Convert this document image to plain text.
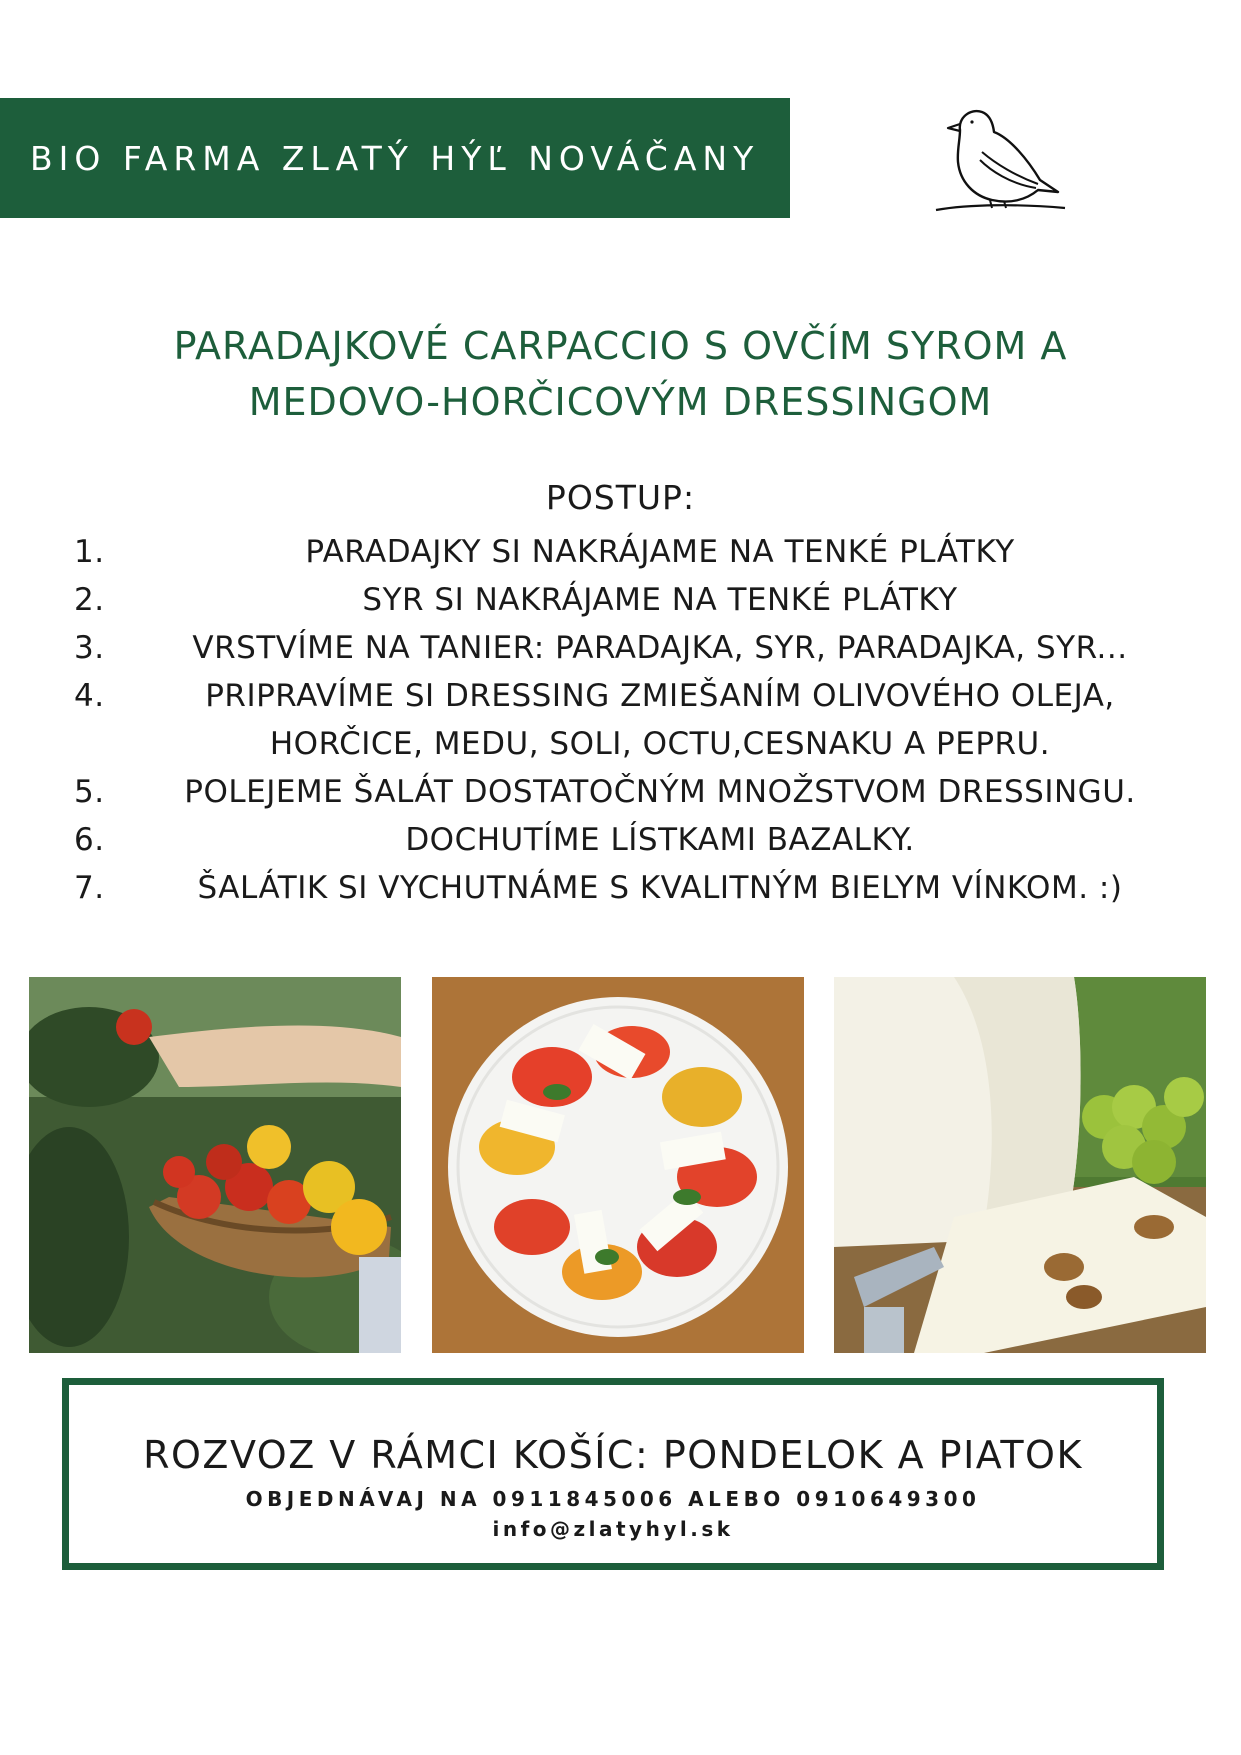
BIO FARMA ZLATÝ HÝĽ NOVÁČANY
PARADAJKOVÉ CARPACCIO S OVČÍM SYROM A
MEDOVO-HORČICOVÝM DRESSINGOM
POSTUP:
1.	PARADAJKY SI NAKRÁJAME NA TENKÉ PLÁTKY
2.	SYR SI NAKRÁJAME NA TENKÉ PLÁTKY
3.	VRSTVÍME NA TANIER: PARADAJKA, SYR, PARADAJKA, SYR...
4.	PRIPRAVÍME SI DRESSING ZMIEŠANÍM OLIVOVÉHO OLEJA,
HORČICE, MEDU, SOLI, OCTU,CESNAKU A PEPRU.
5.	POLEJEME ŠALÁT DOSTATOČNÝM MNOŽSTVOM DRESSINGU.
6.	DOCHUTÍME LÍSTKAMI BAZALKY.
7.	ŠALÁTIK SI VYCHUTNÁME S KVALITNÝM BIELYM VÍNKOM. :)
ROZVOZ V RÁMCI KOŠÍC: PONDELOK A PIATOK
OBJEDNÁVAJ NA 0911845006 ALEBO 0910649300
info@zlatyhyl.sk
